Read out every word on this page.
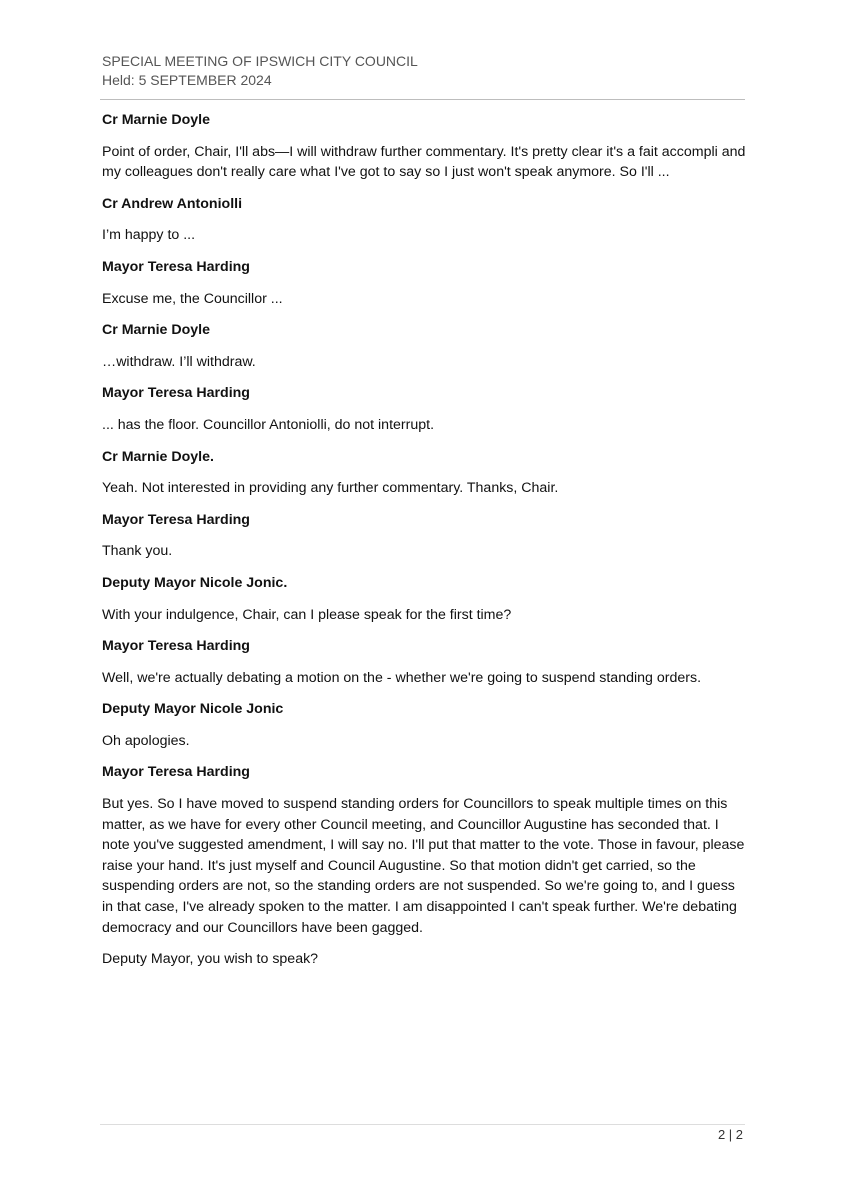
SPECIAL MEETING OF IPSWICH CITY COUNCIL
Held: 5 SEPTEMBER 2024

Cr Marnie Doyle

Point of order, Chair, I'll abs—I will withdraw further commentary. It's pretty clear it's a fait accompli and my colleagues don't really care what I've got to say so I just won't speak anymore. So I'll ...

Cr Andrew Antoniolli

I’m happy to ...

Mayor Teresa Harding

Excuse me, the Councillor ...

Cr Marnie Doyle

…withdraw. I’ll withdraw.

Mayor Teresa Harding

... has the floor. Councillor Antoniolli, do not interrupt.

Cr Marnie Doyle.

Yeah. Not interested in providing any further commentary. Thanks, Chair.

Mayor Teresa Harding

Thank you.

Deputy Mayor Nicole Jonic.

With your indulgence, Chair, can I please speak for the first time?

Mayor Teresa Harding

Well, we're actually debating a motion on the - whether we're going to suspend standing orders.

Deputy Mayor Nicole Jonic

Oh apologies.

Mayor Teresa Harding

But yes. So I have moved to suspend standing orders for Councillors to speak multiple times on this matter, as we have for every other Council meeting, and Councillor Augustine has seconded that. I note you've suggested amendment, I will say no. I'll put that matter to the vote. Those in favour, please raise your hand. It's just myself and Council Augustine. So that motion didn't get carried, so the suspending orders are not, so the standing orders are not suspended. So we're going to, and I guess in that case, I've already spoken to the matter. I am disappointed I can't speak further. We're debating democracy and our Councillors have been gagged.

Deputy Mayor, you wish to speak?

2 | 2
